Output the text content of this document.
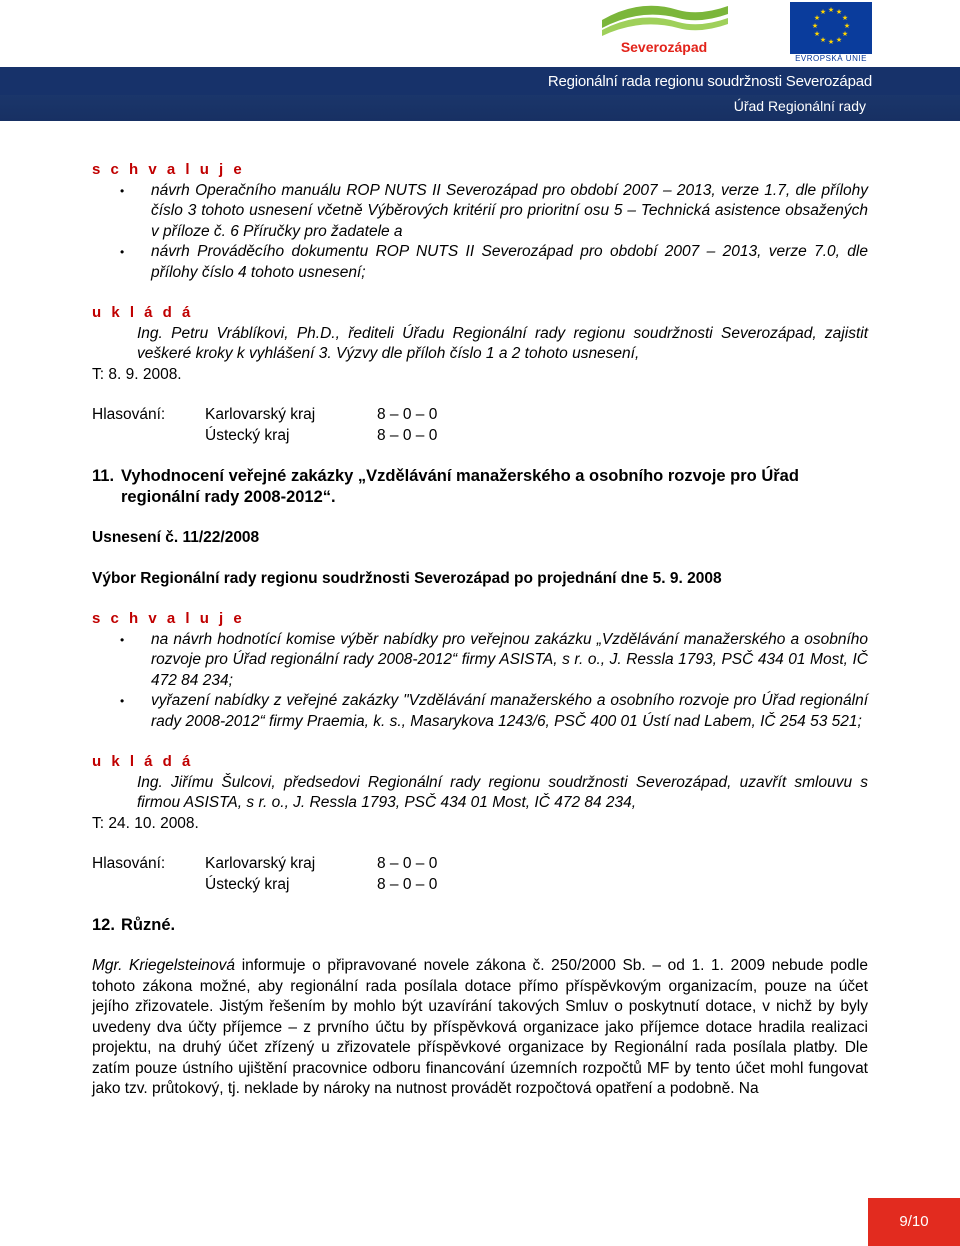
Severozápad
★ ★
★
★
★
★
★
★
★
★
★
★
EVROPSKÁ UNIE
Regionální rada regionu soudržnosti Severozápad
Úřad Regionální rady
s c h v a l u j e
• návrh Operačního manuálu ROP NUTS II Severozápad pro období 2007 – 2013, verze 1.7, dle přílohy číslo 3 tohoto usnesení včetně Výběrových kritérií pro prioritní osu 5 – Technická asistence obsažených v příloze č. 6 Příručky pro žadatele a
• návrh Prováděcího dokumentu ROP NUTS II Severozápad pro období 2007 – 2013, verze 7.0, dle přílohy číslo 4 tohoto usnesení;
u k l á d á
Ing. Petru Vráblíkovi, Ph.D., řediteli Úřadu Regionální rady regionu soudržnosti Severozápad, zajistit veškeré kroky k vyhlášení 3. Výzvy dle příloh číslo 1 a 2 tohoto usnesení,
T: 8. 9. 2008.
Hlasování:	Karlovarský kraj	8 – 0 – 0
Ústecký kraj	8 – 0 – 0
11. Vyhodnocení veřejné zakázky „Vzdělávání manažerského a osobního rozvoje pro Úřad regionální rady 2008-2012“.
Usnesení č. 11/22/2008
Výbor Regionální rady regionu soudržnosti Severozápad po projednání dne 5. 9. 2008
s c h v a l u j e
• na návrh hodnotící komise výběr nabídky pro veřejnou zakázku „Vzdělávání manažerského a osobního rozvoje pro Úřad regionální rady 2008-2012“ firmy ASISTA, s r. o., J. Ressla 1793, PSČ 434 01 Most, IČ 472 84 234;
• vyřazení nabídky z veřejné zakázky "Vzdělávání manažerského a osobního rozvoje pro Úřad regionální rady 2008-2012“ firmy Praemia, k. s., Masarykova 1243/6, PSČ 400 01 Ústí nad Labem, IČ 254 53 521;
u k l á d á
Ing. Jiřímu Šulcovi, předsedovi Regionální rady regionu soudržnosti Severozápad, uzavřít smlouvu s firmou ASISTA, s r. o., J. Ressla 1793, PSČ 434 01 Most, IČ 472 84 234,
T: 24. 10. 2008.
Hlasování:	Karlovarský kraj	8 – 0 – 0
Ústecký kraj	8 – 0 – 0
12. Různé.
Mgr. Kriegelsteinová informuje o připravované novele zákona č. 250/2000 Sb. – od 1. 1. 2009 nebude podle tohoto zákona možné, aby regionální rada posílala dotace přímo příspěvkovým organizacím, pouze na účet jejího zřizovatele. Jistým řešením by mohlo být uzavírání takových Smluv o poskytnutí dotace, v nichž by byly uvedeny dva účty příjemce – z prvního účtu by příspěvková organizace jako příjemce dotace hradila realizaci projektu, na druhý účet zřízený u zřizovatele příspěvkové organizace by Regionální rada posílala platby. Dle zatím pouze ústního ujištění pracovnice odboru financování územních rozpočtů MF by tento účet mohl fungovat jako tzv. průtokový, tj. neklade by nároky na nutnost provádět rozpočtová opatření a podobně. Na
9/10
